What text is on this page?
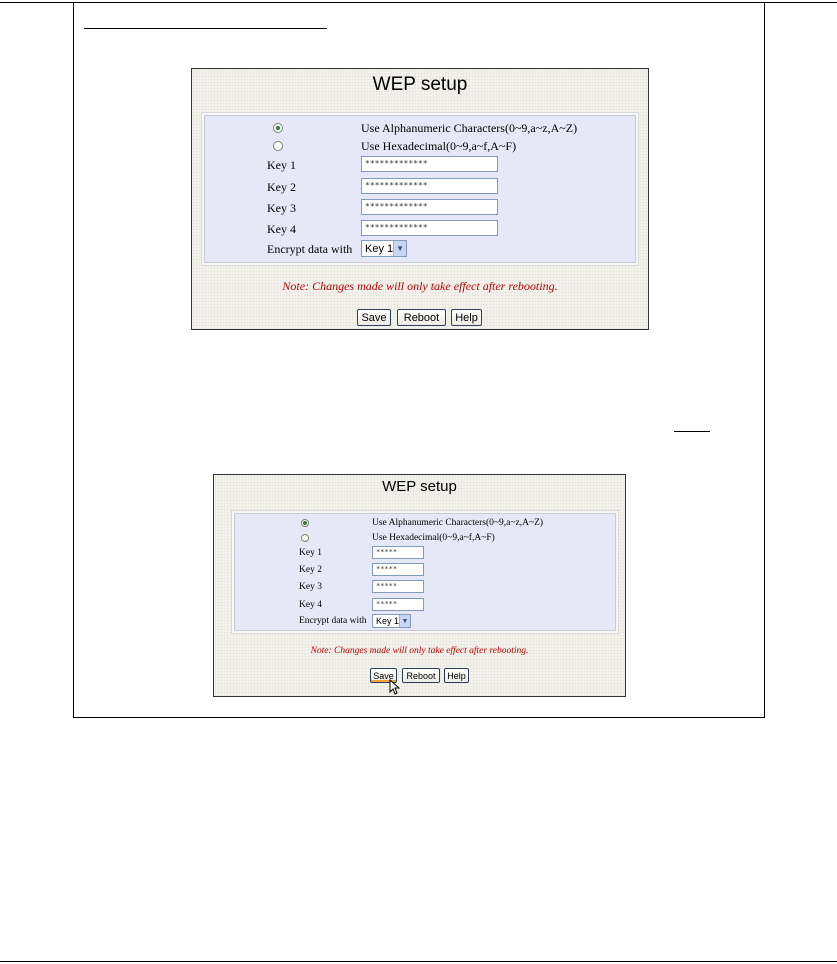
WEP setup
Use Alphanumeric Characters(0~9,a~z,A~Z)
Use Hexadecimal(0~9,a~f,A~F)
Key 1	*************
Key 2	*************
Key 3	*************
Key 4	*************
Encrypt data with Key 1 ▼
Note: Changes made will only take effect after rebooting.
Save	Reboot	Help
WEP setup
Use Alphanumeric Characters(0~9,a~z,A~Z)
Use Hexadecimal(0~9,a~f,A~F)
Key 1	*****
Key 2	*****
Key 3	*****
Key 4	*****
Encrypt data with	Key 1 ▼
Note: Changes made will only take effect after rebooting.
Save	Reboot	Help
